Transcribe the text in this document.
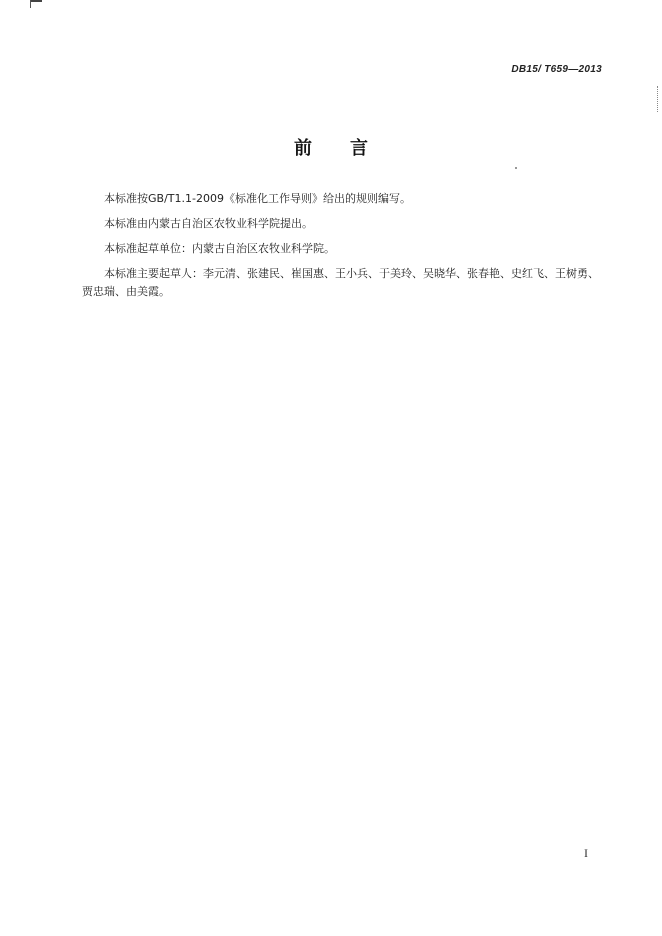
DB15/ T659—2013
前 言

本标准按GB/T1.1-2009《标准化工作导则》给出的规则编写。

本标准由内蒙古自治区农牧业科学院提出。

本标准起草单位：内蒙古自治区农牧业科学院。

本标准主要起草人：李元清、张建民、崔国惠、王小兵、于美玲、吴晓华、张春艳、史红飞、王树勇、贾忠瑞、由美霞。

I
